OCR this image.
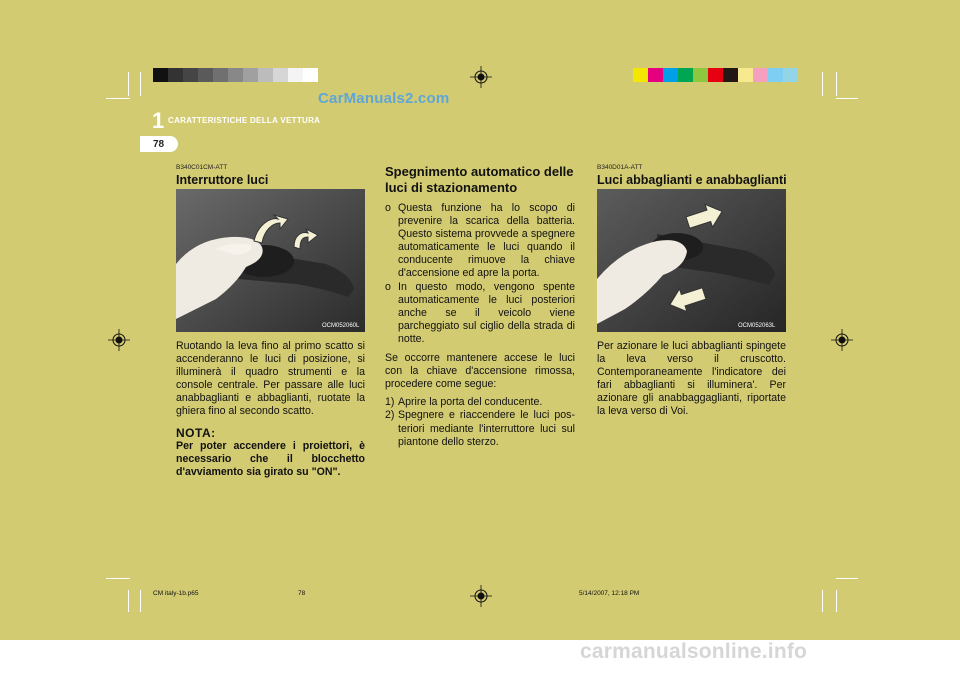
CarManuals2.com
1 CARATTERISTICHE DELLA VETTURA
78
B340C01CM-ATT
Interruttore luci
OCM052060L
Ruotando la leva fino al primo scatto si accenderanno le luci di posizione, si illuminerà il quadro strumenti e la console centrale. Per passare alle luci anabbaglianti e abbaglianti, ruotate la ghiera fino al secondo scatto.
NOTA:
Per poter accendere i proiettori, è necessario che il blocchetto d'avviamento sia girato su "ON".
Spegnimento automatico delle luci di stazionamento
o Questa funzione ha lo scopo di prevenire la scarica della batteria. Questo sistema provvede a spegnere automaticamente le luci quando il conducente rimuove la chiave d'accensione ed apre la porta.
o In questo modo, vengono spente automaticamente le luci posteriori anche se il veicolo viene parcheggiato sul ciglio della strada di notte.
Se occorre mantenere accese le luci con la chiave d'accensione rimossa, procedere come segue:
1) Aprire la porta del conducente.
2) Spegnere e riaccendere le luci pos- teriori mediante l'interruttore luci sul piantone dello sterzo.
B340D01A-ATT
Luci abbaglianti e anabbaglianti
OCM052063L
Per azionare le luci abbaglianti spingete la leva verso il cruscotto. Contemporaneamente l'indicatore dei fari abbaglianti si illuminera'. Per azionare gli anabbaggaglianti, riportate la leva verso di Voi.
CM italy-1b.p65	78	5/14/2007, 12:18 PM
carmanualsonline.info
